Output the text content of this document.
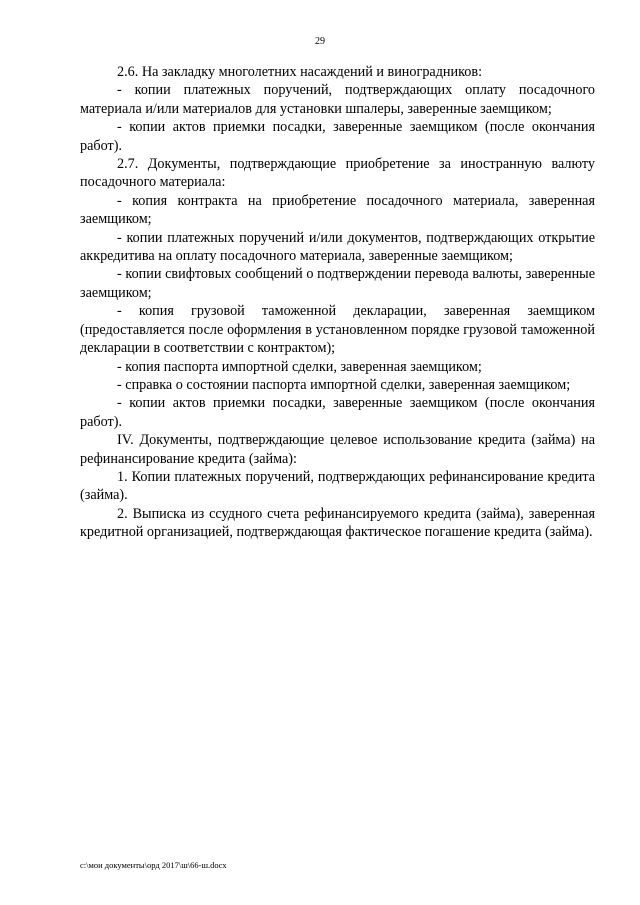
29

2.6. На закладку многолетних насаждений и виноградников:

- копии платежных поручений, подтверждающих оплату посадочного материала и/или материалов для установки шпалеры, заверенные заемщиком;

- копии актов приемки посадки, заверенные заемщиком (после окончания работ).

2.7. Документы, подтверждающие приобретение за иностранную валюту посадочного материала:

- копия контракта на приобретение посадочного материала, заверенная заемщиком;

- копии платежных поручений и/или документов, подтверждающих открытие аккредитива на оплату посадочного материала, заверенные заемщиком;

- копии свифтовых сообщений о подтверждении перевода валюты, заверенные заемщиком;

- копия грузовой таможенной декларации, заверенная заемщиком (предоставляется после оформления в установленном порядке грузовой таможенной декларации в соответствии с контрактом);

- копия паспорта импортной сделки, заверенная заемщиком;

- справка о состоянии паспорта импортной сделки, заверенная заемщиком;

- копии актов приемки посадки, заверенные заемщиком (после окончания работ).

IV. Документы, подтверждающие целевое использование кредита (займа) на рефинансирование кредита (займа):

1. Копии платежных поручений, подтверждающих рефинансирование кредита (займа).

2. Выписка из ссудного счета рефинансируемого кредита (займа), заверенная кредитной организацией, подтверждающая фактическое погашение кредита (займа).

c:\мои документы\орд 2017\ш\66-ш.docx
